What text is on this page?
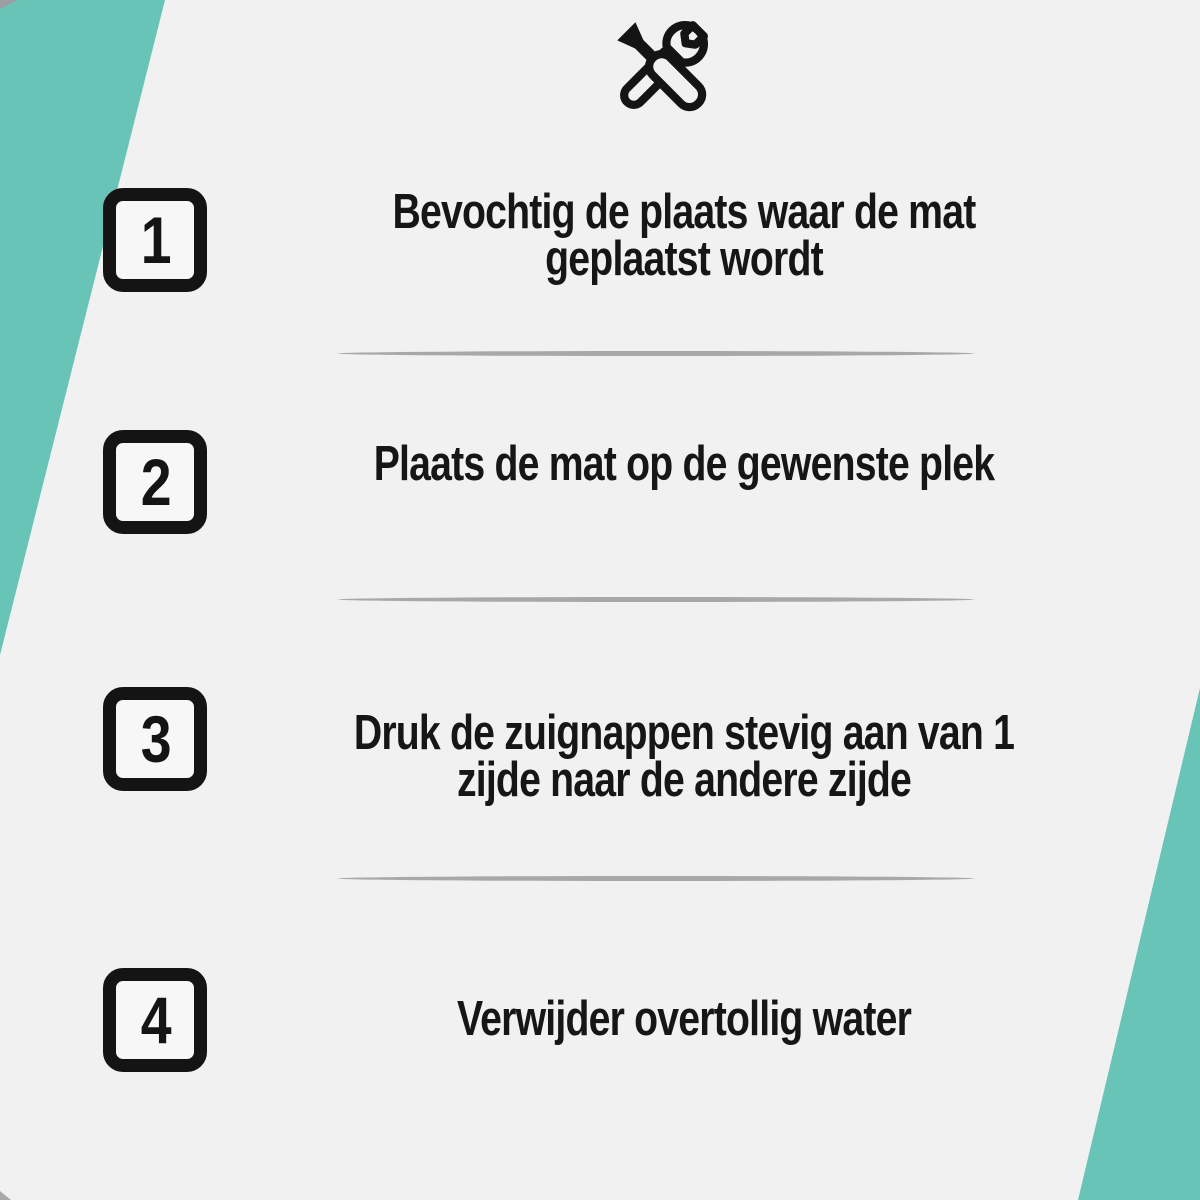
1	Bevochtig de plaats waar de mat
geplaatst wordt
2	Plaats de mat op de gewenste plek
3	Druk de zuignappen stevig aan van 1
zijde naar de andere zijde
4	Verwijder overtollig water
